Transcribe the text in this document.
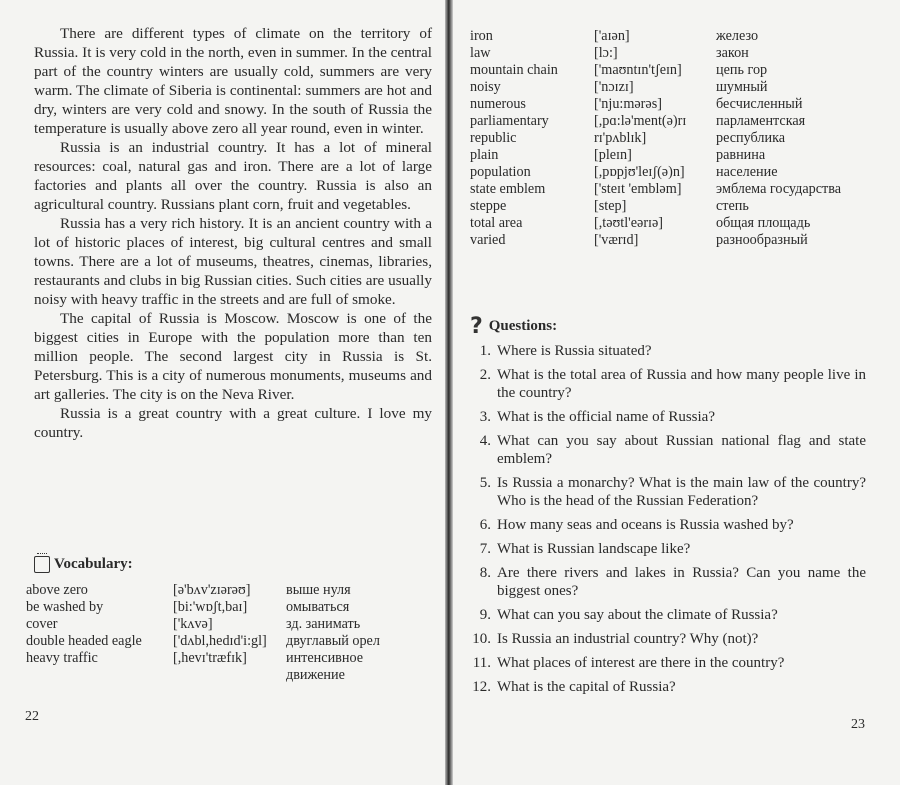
There are different types of climate on the territory of Russia. It is very cold in the north, even in summer. In the central part of the country winters are usually cold, summers are very warm. The climate of Siberia is continental: summers are hot and dry, winters are very cold and snowy. In the south of Russia the temperature is usually above zero all year round, even in winter.

Russia is an industrial country. It has a lot of mineral resources: coal, natural gas and iron. There are a lot of large factories and plants all over the country. Russia is also an agricultural country. Russians plant corn, fruit and vegetables.

Russia has a very rich history. It is an ancient country with a lot of historic places of interest, big cultural centres and small towns. There are a lot of museums, theatres, cinemas, libraries, restaurants and clubs in big Russian cities. Such cities are usually noisy with heavy traffic in the streets and are full of smoke.

The capital of Russia is Moscow. Moscow is one of the biggest cities in Europe with the population more than ten million people. The second largest city in Russia is St. Petersburg. This is a city of numerous monuments, museums and art galleries. The city is on the Neva River.

Russia is a great country with a great culture. I love my country.

Vocabulary:
above zero	[ə'bʌv'zɪərəʊ]	выше нуля
be washed by	[bi:'wɒʃt,baɪ]	омываться
cover	['kʌvə]	зд. занимать
double headed eagle	['dʌbl,hedɪd'i:gl]	двуглавый орел
heavy traffic	[,hevɪ'træfɪk]	интенсивное
		движение
22
iron	['aɪən]	железо
law	[lɔ:]	закон
mountain chain	['maʊntɪn'tʃeɪn]	цепь гор
noisy	['nɔɪzɪ]	шумный
numerous	['nju:mərəs]	бесчисленный
parliamentary	[,pɑ:lə'ment(ə)rɪ	парламентская
republic	rɪ'pʌblɪk]	республика
plain	[pleɪn]	равнина
population	[,pɒpjʊ'leɪʃ(ə)n]	население
state emblem	['steɪt 'embləm]	эмблема государства
steppe	[step]	степь
total area	[,təʊtl'eərɪə]	общая площадь
varied	['værɪd]	разнообразный
? Questions:
1. Where is Russia situated?
2. What is the total area of Russia and how many people live in the country?
3. What is the official name of Russia?
4. What can you say about Russian national flag and state emblem?
5. Is Russia a monarchy? What is the main law of the country? Who is the head of the Russian Federation?
6. How many seas and oceans is Russia washed by?
7. What is Russian landscape like?
8. Are there rivers and lakes in Russia? Can you name the biggest ones?
9. What can you say about the climate of Russia?
10. Is Russia an industrial country? Why (not)?
11. What places of interest are there in the country?
12. What is the capital of Russia?
23
